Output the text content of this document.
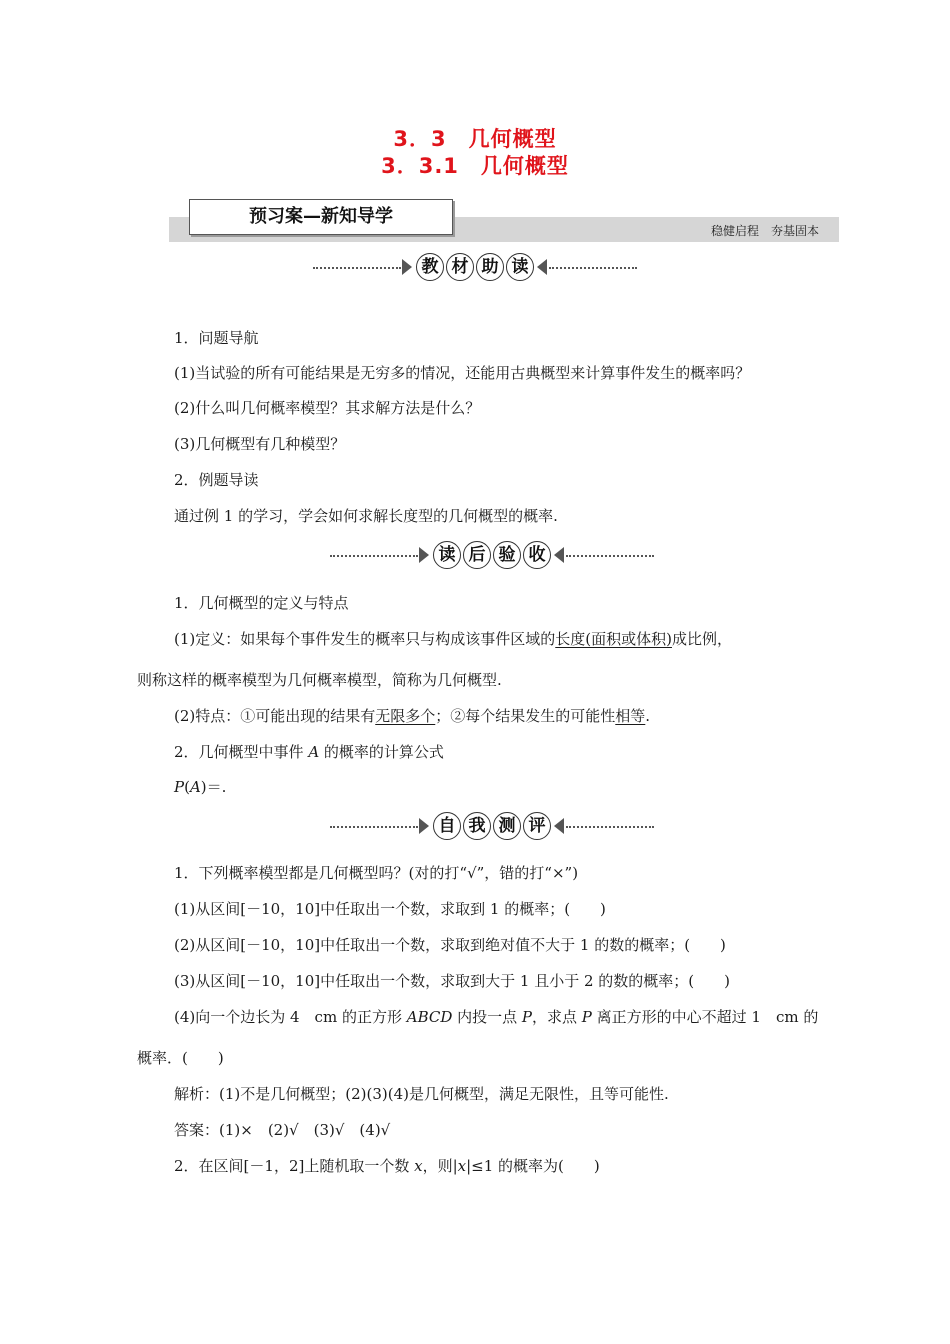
3．3　几何概型
3．3.1　几何概型
预习案—新知导学
稳健启程　夯基固本
教 材 助 读
1．问题导航
(1)当试验的所有可能结果是无穷多的情况，还能用古典概型来计算事件发生的概率吗？
(2)什么叫几何概率模型？其求解方法是什么？
(3)几何概型有几种模型？
2．例题导读
通过例 1 的学习，学会如何求解长度型的几何概型的概率.
读 后 验 收
1．几何概型的定义与特点
(1)定义：如果每个事件发生的概率只与构成该事件区域的长度(面积或体积)成比例，
则称这样的概率模型为几何概率模型，简称为几何概型.
(2)特点：①可能出现的结果有无限多个；②每个结果发生的可能性相等.
2．几何概型中事件 A 的概率的计算公式
P(A)＝.
自 我 测 评
1．下列概率模型都是几何概型吗？(对的打“√”，错的打“×”)
(1)从区间[－10，10]中任取出一个数，求取到 1 的概率；(　　)
(2)从区间[－10，10]中任取出一个数，求取到绝对值不大于 1 的数的概率；(　　)
(3)从区间[－10，10]中任取出一个数，求取到大于 1 且小于 2 的数的概率；(　　)
(4)向一个边长为 4　cm 的正方形 ABCD 内投一点 P，求点 P 离正方形的中心不超过 1　cm 的
概率．(　　)
解析：(1)不是几何概型；(2)(3)(4)是几何概型，满足无限性，且等可能性.
答案：(1)×　(2)√　(3)√　(4)√
2．在区间[－1，2]上随机取一个数 x，则|x|≤1 的概率为(　　)
